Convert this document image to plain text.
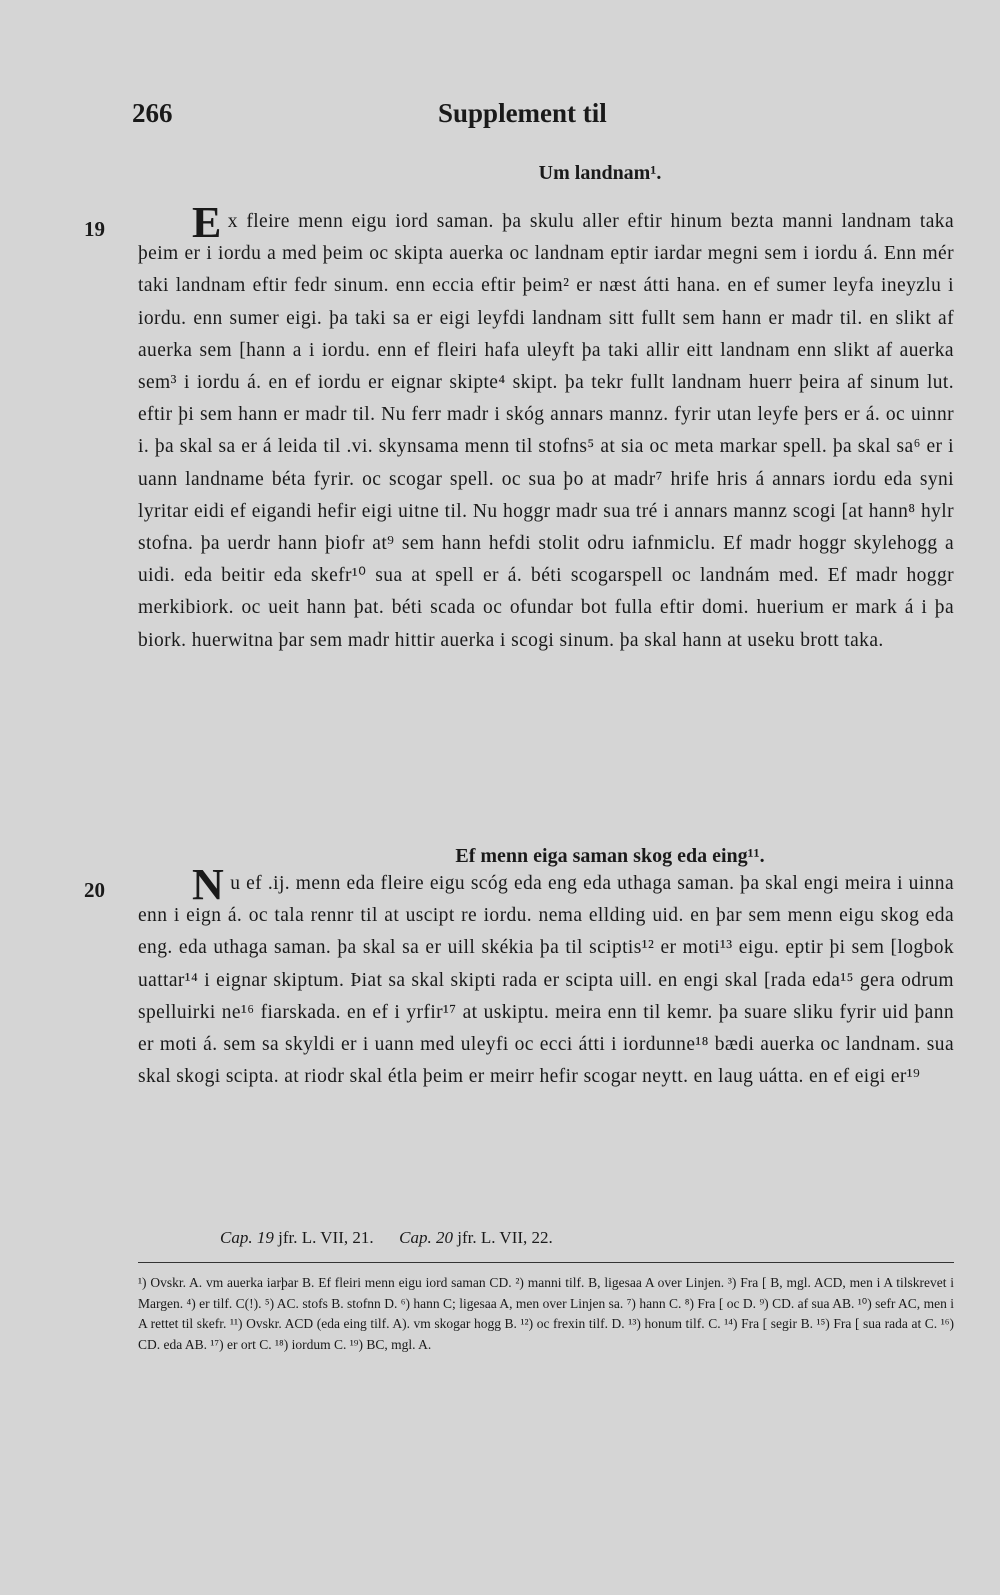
266	Supplement til
Um landnam¹.
19 Ex fleire menn eigu iord saman. þa skulu aller eftir hinum bezta manni landnam taka þeim er i iordu a med þeim oc skipta auerka oc landnam eptir iardar megni sem i iordu á. Enn mér taki landnam eftir fedr sinum. enn eccia eftir þeim² er næst átti hana. en ef sumer leyfa ineyzlu i iordu. enn sumer eigi. þa taki sa er eigi leyfdi landnam sitt fullt sem hann er madr til. en slikt af auerka sem [hann a i iordu. enn ef fleiri hafa uleyft þa taki allir eitt landnam enn slikt af auerka sem³ i iordu á. en ef iordu er eignar skipte⁴ skipt. þa tekr fullt landnam huerr þeira af sinum lut. eftir þi sem hann er madr til. Nu ferr madr i skóg annars mannz. fyrir utan leyfe þers er á. oc uinnr i. þa skal sa er á leida til .vi. skynsama menn til stofns⁵ at sia oc meta markar spell. þa skal sa⁶ er i uann landname béta fyrir. oc scogar spell. oc sua þo at madr⁷ hrife hris á annars iordu eda syni lyritar eidi ef eigandi hefir eigi uitne til. Nu hoggr madr sua tré i annars mannz scogi [at hann⁸ hylr stofna. þa uerdr hann þiofr at⁹ sem hann hefdi stolit odru iafnmiclu. Ef madr hoggr skylehogg a uidi. eda beitir eda skefr¹⁰ sua at spell er á. béti scogarspell oc landnám med. Ef madr hoggr merkibiork. oc ueit hann þat. béti scada oc ofundar bot fulla eftir domi. huerium er mark á i þa biork. huerwitna þar sem madr hittir auerka i scogi sinum. þa skal hann at useku brott taka.
Ef menn eiga saman skog eda eing¹¹.
20 Nu ef .ij. menn eda fleire eigu scóg eda eng eda uthaga saman. þa skal engi meira i uinna enn i eign á. oc tala rennr til at uscipt re iordu. nema ellding uid. en þar sem menn eigu skog eda eng. eda uthaga saman. þa skal sa er uill skékia þa til sciptis¹² er moti¹³ eigu. eptir þi sem [logbok uattar¹⁴ i eignar skiptum. Þiat sa skal skipti rada er scipta uill. en engi skal [rada eda¹⁵ gera odrum spelluirki ne¹⁶ fiarskada. en ef i yrfir¹⁷ at uskiptu. meira enn til kemr. þa suare sliku fyrir uid þann er moti á. sem sa skyldi er i uann med uleyfi oc ecci átti i iordunne¹⁸ bædi auerka oc landnam. sua skal skogi scipta. at riodr skal étla þeim er meirr hefir scogar neytt. en laug uátta. en ef eigi er¹⁹
Cap. 19 jfr. L. VII, 21. Cap. 20 jfr. L. VII, 22.
¹) Ovskr. A. vm auerka iarþar B. Ef fleiri menn eigu iord saman CD. ²) manni tilf. B, ligesaa A over Linjen. ³) Fra [ B, mgl. ACD, men i A tilskrevet i Margen. ⁴) er tilf. C(!). ⁵) AC. stofs B. stofnn D. ⁶) hann C; ligesaa A, men over Linjen sa. ⁷) hann C. ⁸) Fra [ oc D. ⁹) CD. af sua AB. ¹⁰) sefr AC, men i A rettet til skefr. ¹¹) Ovskr. ACD (eda eing tilf. A). vm skogar hogg B. ¹²) oc frexin tilf. D. ¹³) honum tilf. C. ¹⁴) Fra [ segir B. ¹⁵) Fra [ sua rada at C. ¹⁶) CD. eda AB. ¹⁷) er ort C. ¹⁸) iordum C. ¹⁹) BC, mgl. A.
